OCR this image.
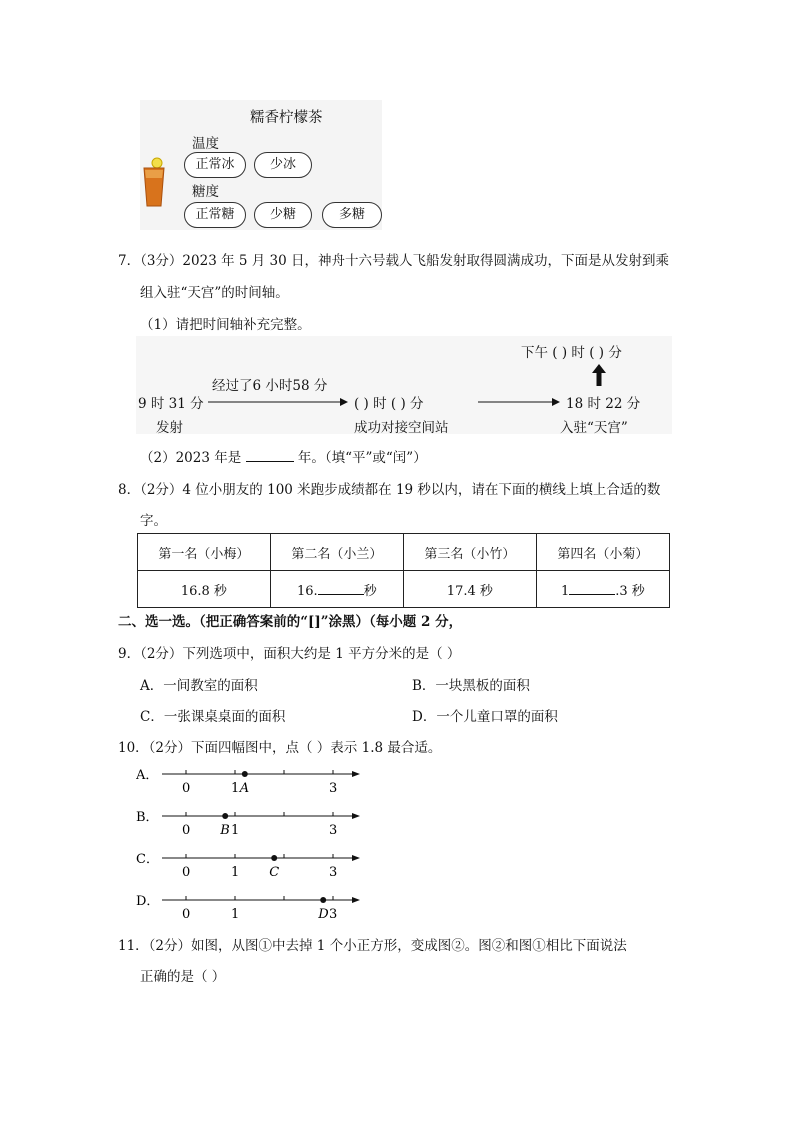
糯香柠檬茶
温度
正常冰	少冰
糖度
正常糖	少糖	多糖
7．（3分）2023 年 5 月 30 日，神舟十六号载人飞船发射取得圆满成功，下面是从发射到乘
组入驻“天宫”的时间轴。
（1）请把时间轴补充完整。
下午 ( ) 时 ( ) 分
9 时 31 分
发射
经过了6 小时58 分
( ) 时 ( ) 分
成功对接空间站
18 时 22 分
入驻“天宫”
（2）2023 年是	年。（填“平”或“闰”）
8．（2分）4 位小朋友的 100 米跑步成绩都在 19 秒以内，请在下面的横线上填上合适的数
字。
第一名（小梅）	第二名（小兰）	第三名（小竹）	第四名（小菊）
16.8 秒	16. 秒	17.4 秒	1 .3 秒
二、选一选。（把正确答案前的“[]”涂黑）（每小题 2 分，
9．（2分）下列选项中，面积大约是 1 平方分米的是（ ）
A．一间教室的面积	B．一块黑板的面积
C．一张课桌桌面的面积	D．一个儿童口罩的面积
10．（2分）下面四幅图中，点（ ）表示 1.8 最合适。
A．
0	1	3
A
B．
0	1	3
B
C．
0	1	3
C
D．
0	1	3
D
11．（2分）如图，从图①中去掉 1 个小正方形，变成图②。图②和图①相比下面说法
正确的是（ ）
